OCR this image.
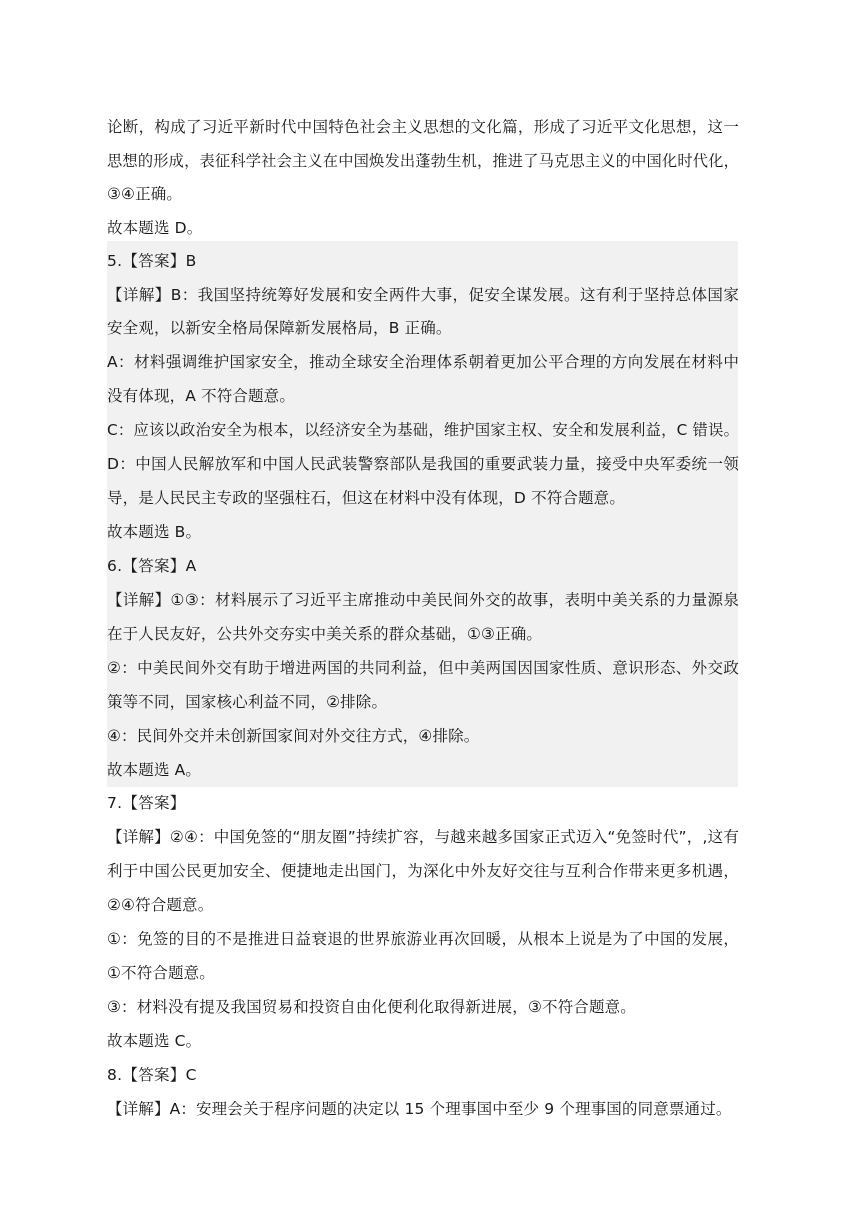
论断，构成了习近平新时代中国特色社会主义思想的文化篇，形成了习近平文化思想，这一
思想的形成，表征科学社会主义在中国焕发出蓬勃生机，推进了马克思主义的中国化时代化，
③④正确。
故本题选 D。
5.【答案】B
【详解】B：我国坚持统筹好发展和安全两件大事，促安全谋发展。这有利于坚持总体国家
安全观，以新安全格局保障新发展格局，B 正确。
A：材料强调维护国家安全，推动全球安全治理体系朝着更加公平合理的方向发展在材料中
没有体现，A 不符合题意。
C：应该以政治安全为根本，以经济安全为基础，维护国家主权、安全和发展利益，C 错误。
D：中国人民解放军和中国人民武装警察部队是我国的重要武装力量，接受中央军委统一领
导，是人民民主专政的坚强柱石，但这在材料中没有体现，D 不符合题意。
故本题选 B。
6.【答案】A
【详解】①③：材料展示了习近平主席推动中美民间外交的故事，表明中美关系的力量源泉
在于人民友好，公共外交夯实中美关系的群众基础，①③正确。
②：中美民间外交有助于增进两国的共同利益，但中美两国因国家性质、意识形态、外交政
策等不同，国家核心利益不同，②排除。
④：民间外交并未创新国家间对外交往方式，④排除。
故本题选 A。
7.【答案】
【详解】②④：中国免签的“朋友圈”持续扩容，与越来越多国家正式迈入“免签时代”，,这有
利于中国公民更加安全、便捷地走出国门，为深化中外友好交往与互利合作带来更多机遇，
②④符合题意。
①：免签的目的不是推进日益衰退的世界旅游业再次回暖，从根本上说是为了中国的发展，
①不符合题意。
③：材料没有提及我国贸易和投资自由化便利化取得新进展，③不符合题意。
故本题选 C。
8.【答案】C
【详解】A：安理会关于程序问题的决定以 15 个理事国中至少 9 个理事国的同意票通过。
